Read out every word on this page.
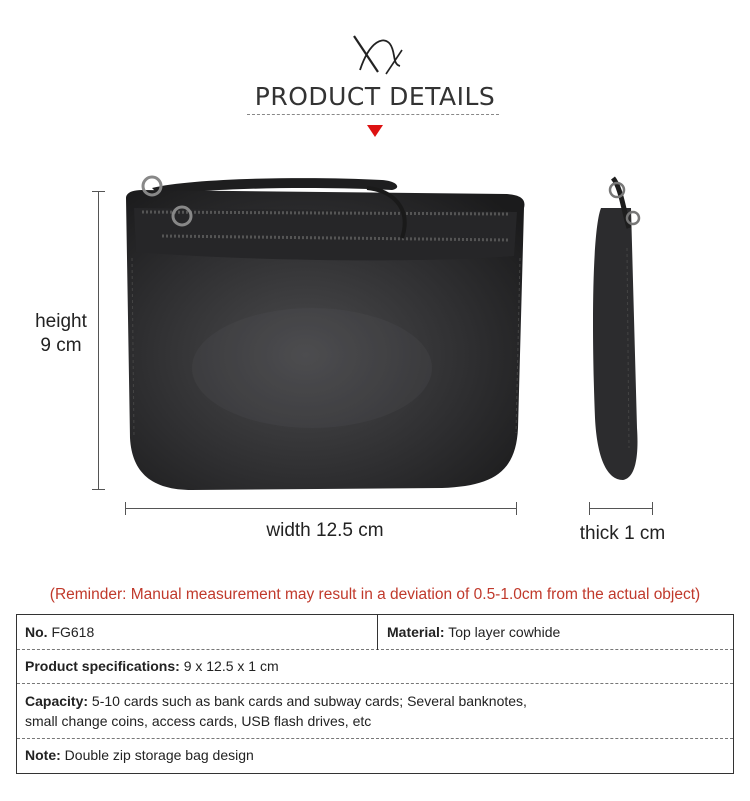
PRODUCT DETAILS
height
9 cm
width 12.5 cm	thick 1 cm
(Reminder: Manual measurement may result in a deviation of 0.5-1.0cm from the actual object)
No. FG618	Material: Top layer cowhide
Product specifications: 9 x 12.5 x 1 cm
Capacity: 5-10 cards such as bank cards and subway cards; Several banknotes,
small change coins, access cards, USB flash drives, etc
Note: Double zip storage bag design
